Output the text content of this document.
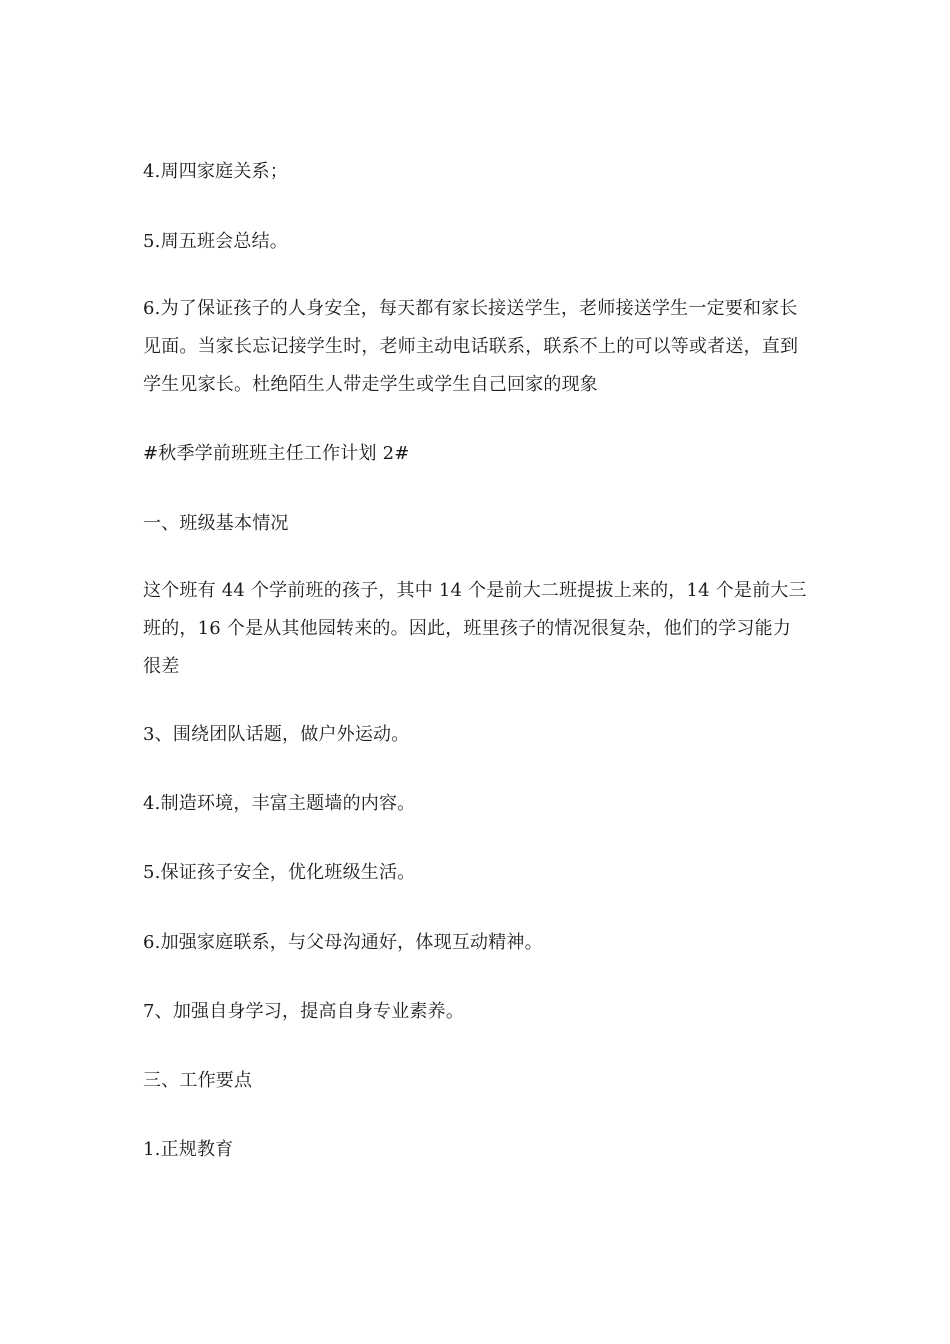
4.周四家庭关系；

5.周五班会总结。

6.为了保证孩子的人身安全，每天都有家长接送学生，老师接送学生一定要和家长见面。当家长忘记接学生时，老师主动电话联系，联系不上的可以等或者送，直到学生见家长。杜绝陌生人带走学生或学生自己回家的现象

#秋季学前班班主任工作计划 2#

一、班级基本情况

这个班有 44 个学前班的孩子，其中 14 个是前大二班提拔上来的，14 个是前大三班的，16 个是从其他园转来的。因此，班里孩子的情况很复杂，他们的学习能力很差

3、围绕团队话题，做户外运动。

4.制造环境，丰富主题墙的内容。

5.保证孩子安全，优化班级生活。

6.加强家庭联系，与父母沟通好，体现互动精神。

7、加强自身学习，提高自身专业素养。

三、工作要点

1.正规教育
